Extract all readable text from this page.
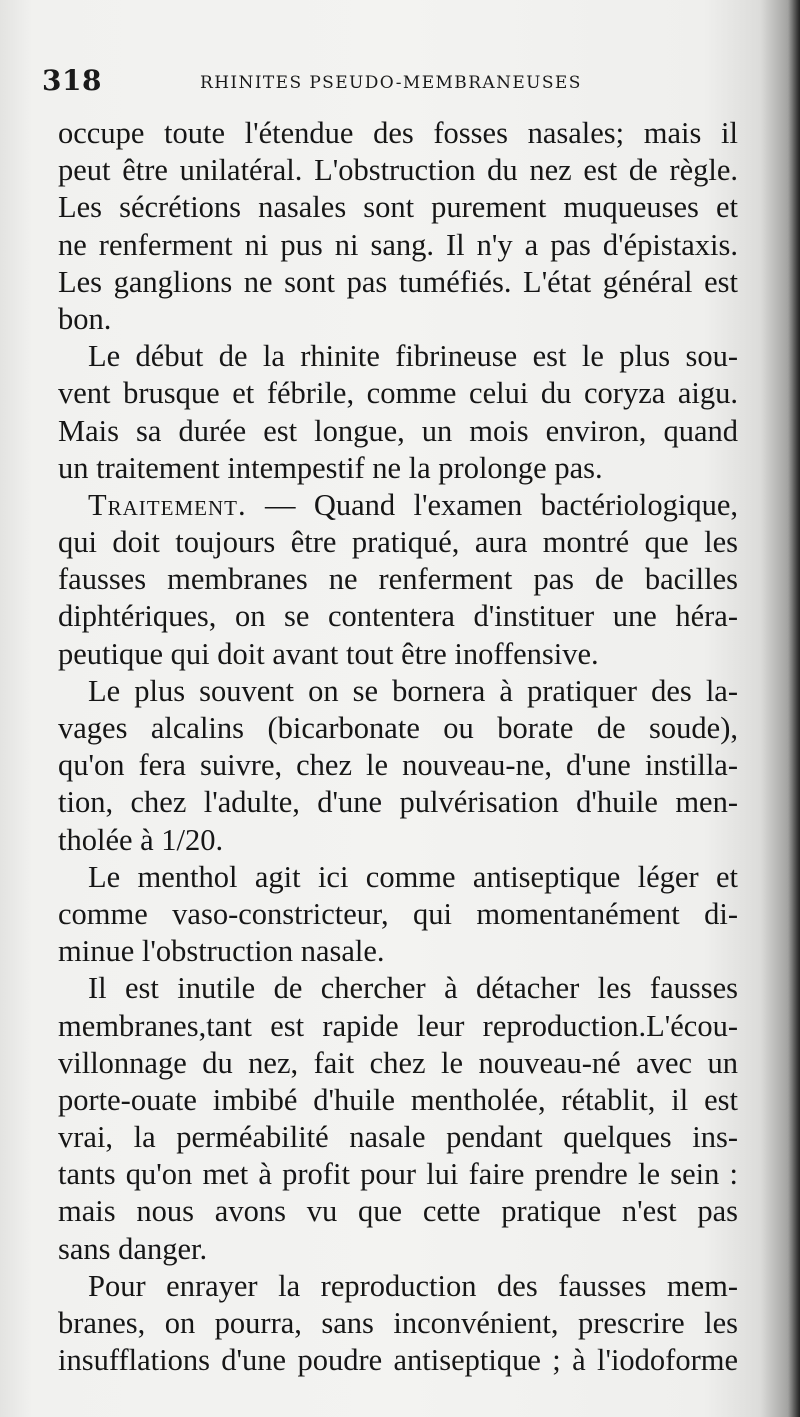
318	RHINITES PSEUDO-MEMBRANEUSES
occupe toute l'étendue des fosses nasales; mais il
peut être unilatéral. L'obstruction du nez est de règle.
Les sécrétions nasales sont purement muqueuses et
ne renferment ni pus ni sang. Il n'y a pas d'épistaxis.
Les ganglions ne sont pas tuméfiés. L'état général est
bon.
Le début de la rhinite fibrineuse est le plus sou-
vent brusque et fébrile, comme celui du coryza aigu.
Mais sa durée est longue, un mois environ, quand
un traitement intempestif ne la prolonge pas.
Traitement. — Quand l'examen bactériologique,
qui doit toujours être pratiqué, aura montré que les
fausses membranes ne renferment pas de bacilles
diphtériques, on se contentera d'instituer une héra-
peutique qui doit avant tout être inoffensive.
Le plus souvent on se bornera à pratiquer des la-
vages alcalins (bicarbonate ou borate de soude),
qu'on fera suivre, chez le nouveau-ne, d'une instilla-
tion, chez l'adulte, d'une pulvérisation d'huile men-
tholée à 1/20.
Le menthol agit ici comme antiseptique léger et
comme vaso-constricteur, qui momentanément di-
minue l'obstruction nasale.
Il est inutile de chercher à détacher les fausses
membranes,tant est rapide leur reproduction.L'écou-
villonnage du nez, fait chez le nouveau-né avec un
porte-ouate imbibé d'huile mentholée, rétablit, il est
vrai, la perméabilité nasale pendant quelques ins-
tants qu'on met à profit pour lui faire prendre le sein :
mais nous avons vu que cette pratique n'est pas
sans danger.
Pour enrayer la reproduction des fausses mem-
branes, on pourra, sans inconvénient, prescrire les
insufflations d'une poudre antiseptique ; à l'iodoforme
